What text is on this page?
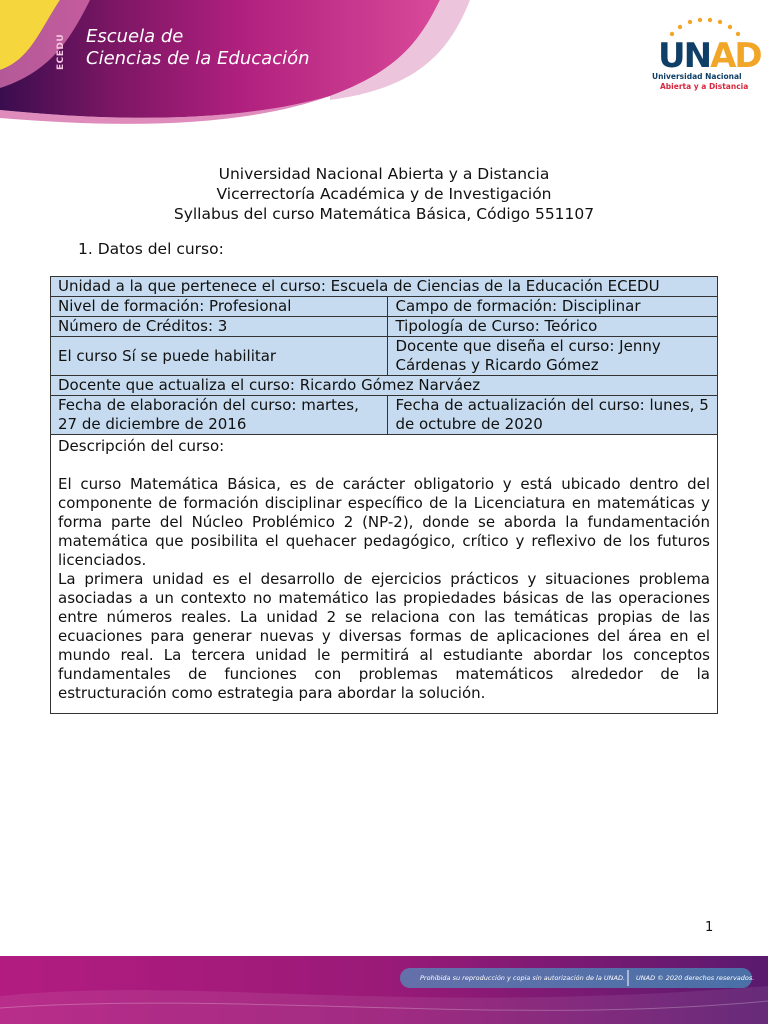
ECEDU Escuela de
Ciencias de la Educación	UNAD
Universidad Nacional
Abierta y a Distancia
Universidad Nacional Abierta y a Distancia
Vicerrectoría Académica y de Investigación
Syllabus del curso Matemática Básica, Código 551107
1. Datos del curso:
Unidad a la que pertenece el curso: Escuela de Ciencias de la Educación ECEDU	
Nivel de formación: Profesional	Campo de formación: Disciplinar
Número de Créditos: 3	Tipología de Curso: Teórico
El curso Sí se puede habilitar	Docente que diseña el curso: Jenny Cárdenas y Ricardo Gómez
Docente que actualiza el curso: Ricardo Gómez Narváez	
Fecha de elaboración del curso: martes, 27 de diciembre de 2016	Fecha de actualización del curso: lunes, 5 de octubre de 2020

Descripción del curso:

El curso Matemática Básica, es de carácter obligatorio y está ubicado dentro del componente de formación disciplinar específico de la Licenciatura en matemáticas y forma parte del Núcleo Problémico 2 (NP-2), donde se aborda la fundamentación matemática que posibilita el quehacer pedagógico, crítico y reflexivo de los futuros licenciados.

La primera unidad es el desarrollo de ejercicios prácticos y situaciones problema asociadas a un contexto no matemático las propiedades básicas de las operaciones entre números reales. La unidad 2 se relaciona con las temáticas propias de las ecuaciones para generar nuevas y diversas formas de aplicaciones del área en el mundo real. La tercera unidad le permitirá al estudiante abordar los conceptos fundamentales de funciones con problemas matemáticos alrededor de la estructuración como estrategia para abordar la solución.	

1
Prohibida su reproducción y copia sin autorización de la UNAD. UNAD © 2020 derechos reservados.
